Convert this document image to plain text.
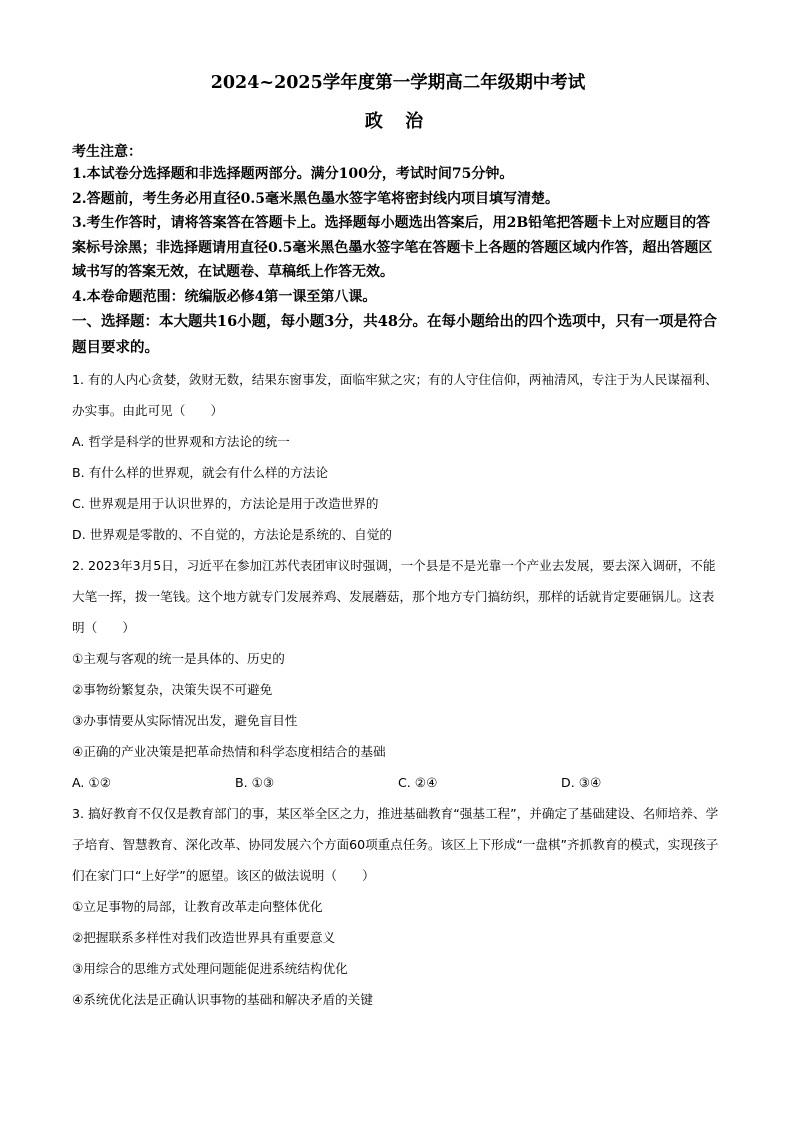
2024~2025学年度第一学期高二年级期中考试
政 治
考生注意：

1.本试卷分选择题和非选择题两部分。满分100分，考试时间75分钟。

2.答题前，考生务必用直径0.5毫米黑色墨水签字笔将密封线内项目填写清楚。

3.考生作答时，请将答案答在答题卡上。选择题每小题选出答案后，用2B铅笔把答题卡上对应题目的答案标号涂黑；非选择题请用直径0.5毫米黑色墨水签字笔在答题卡上各题的答题区域内作答，超出答题区域书写的答案无效，在试题卷、草稿纸上作答无效。

4.本卷命题范围：统编版必修4第一课至第八课。

一、选择题：本大题共16小题，每小题3分，共48分。在每小题给出的四个选项中，只有一项是符合题目要求的。

1. 有的人内心贪婪，敛财无数，结果东窗事发，面临牢狱之灾；有的人守住信仰，两袖清风，专注于为人民谋福利、办实事。由此可见（　　）

A. 哲学是科学的世界观和方法论的统一

B. 有什么样的世界观，就会有什么样的方法论

C. 世界观是用于认识世界的，方法论是用于改造世界的

D. 世界观是零散的、不自觉的，方法论是系统的、自觉的

2. 2023年3月5日，习近平在参加江苏代表团审议时强调，一个县是不是光靠一个产业去发展，要去深入调研，不能大笔一挥，拨一笔钱。这个地方就专门发展养鸡、发展蘑菇，那个地方专门搞纺织，那样的话就肯定要砸锅儿。这表明（　　）

①主观与客观的统一是具体的、历史的

②事物纷繁复杂，决策失误不可避免

③办事情要从实际情况出发，避免盲目性

④正确的产业决策是把革命热情和科学态度相结合的基础

A. ①②	B. ①③	C. ②④	D. ③④

3. 搞好教育不仅仅是教育部门的事，某区举全区之力，推进基础教育“强基工程”，并确定了基础建设、名师培养、学子培育、智慧教育、深化改革、协同发展六个方面60项重点任务。该区上下形成“一盘棋”齐抓教育的模式，实现孩子们在家门口“上好学”的愿望。该区的做法说明（　　）

①立足事物的局部，让教育改革走向整体优化

②把握联系多样性对我们改造世界具有重要意义

③用综合的思维方式处理问题能促进系统结构优化

④系统优化法是正确认识事物的基础和解决矛盾的关键
